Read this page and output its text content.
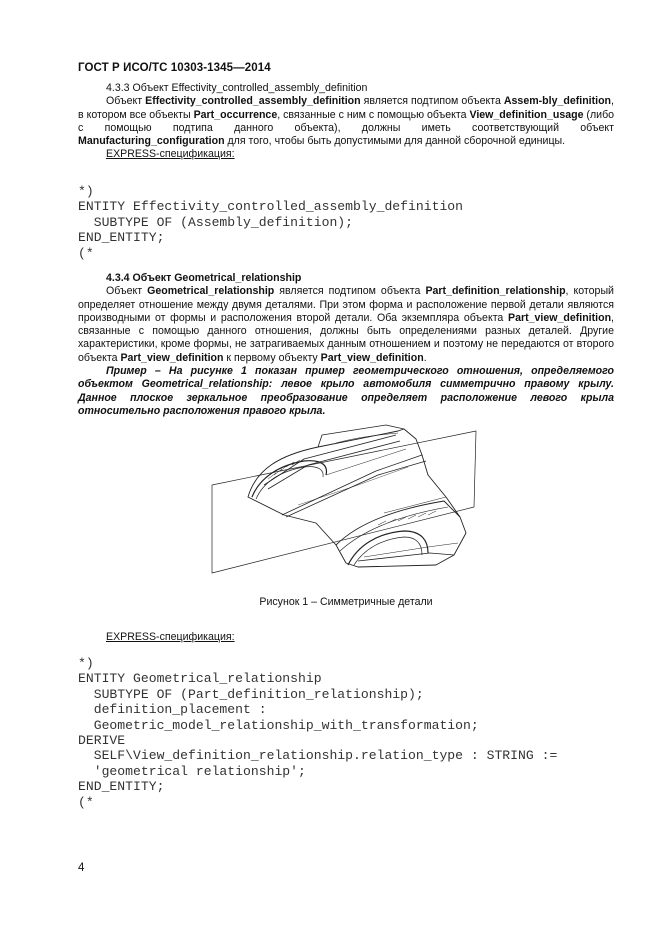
ГОСТ Р ИСО/ТС 10303-1345—2014

4.3.3 Объект Effectivity_controlled_assembly_definition

Объект Effectivity_controlled_assembly_definition является подтипом объекта Assem-bly_definition, в котором все объекты Part_occurrence, связанные с ним с помощью объекта View_definition_usage (либо с помощью подтипа данного объекта), должны иметь соответствующий объект Manufacturing_configuration для того, чтобы быть допустимыми для данной сборочной единицы.

EXPRESS-спецификация:

*)
ENTITY Effectivity_controlled_assembly_definition
SUBTYPE OF (Assembly_definition);
END_ENTITY;
(*

4.3.4 Объект Geometrical_relationship

Объект Geometrical_relationship является подтипом объекта Part_definition_relationship, который определяет отношение между двумя деталями. При этом форма и расположение первой детали являются производными от формы и расположения второй детали. Оба экземпляра объекта Part_view_definition, связанные с помощью данного отношения, должны быть определениями разных деталей. Другие характеристики, кроме формы, не затрагиваемых данным отношением и поэтому не передаются от второго объекта Part_view_definition к первому объекту Part_view_definition.

Пример – На рисунке 1 показан пример геометрического отношения, определяемого объектом Geometrical_relationship: левое крыло автомобиля симметрично правому крылу. Данное плоское зеркальное преобразование определяет расположение левого крыла относительно расположения правого крыла.

Рисунок 1 – Симметричные детали

EXPRESS-спецификация:

*)
ENTITY Geometrical_relationship
SUBTYPE OF (Part_definition_relationship);
definition_placement :
Geometric_model_relationship_with_transformation;
DERIVE
SELF\View_definition_relationship.relation_type : STRING :=
'geometrical relationship';
END_ENTITY;
(*
4
